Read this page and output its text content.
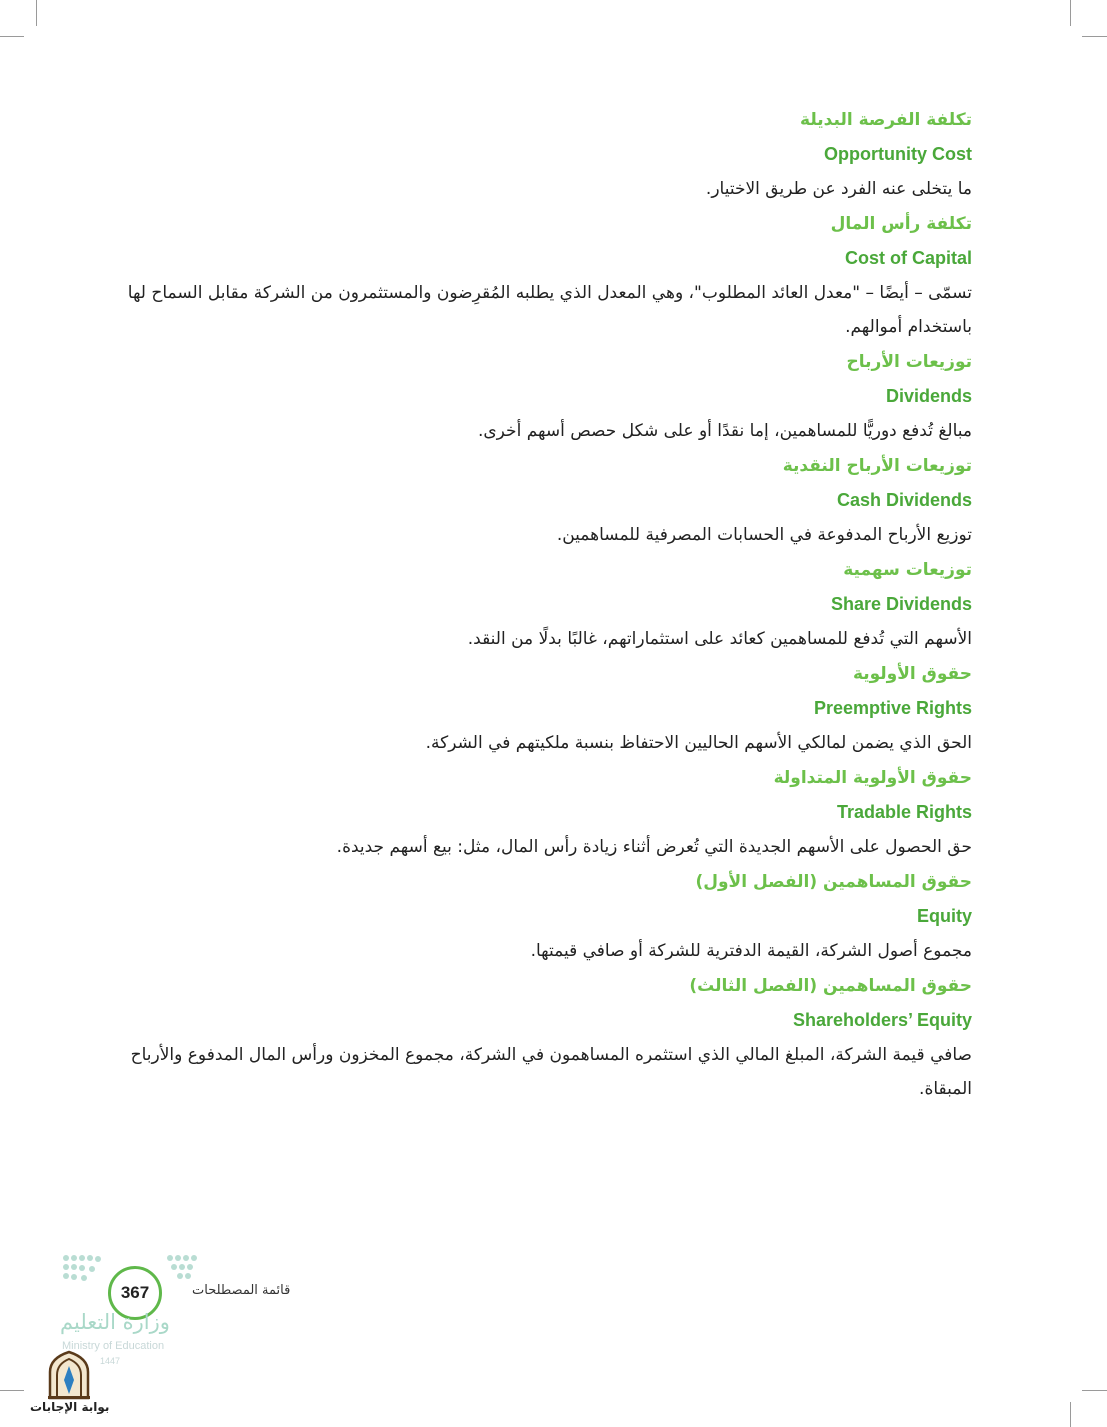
تكلفة الفرصة البديلة
Opportunity Cost
ما يتخلى عنه الفرد عن طريق الاختيار.
تكلفة رأس المال
Cost of Capital
تسمّى – أيضًا – "معدل العائد المطلوب"، وهي المعدل الذي يطلبه المُقرِضون والمستثمرون من الشركة مقابل السماح لها باستخدام أموالهم.
توزيعات الأرباح
Dividends
مبالغ تُدفع دوريًّا للمساهمين، إما نقدًا أو على شكل حصص أسهم أخرى.
توزيعات الأرباح النقدية
Cash Dividends
توزيع الأرباح المدفوعة في الحسابات المصرفية للمساهمين.
توزيعات سهمية
Share Dividends
الأسهم التي تُدفع للمساهمين كعائد على استثماراتهم، غالبًا بدلًا من النقد.
حقوق الأولوية
Preemptive Rights
الحق الذي يضمن لمالكي الأسهم الحاليين الاحتفاظ بنسبة ملكيتهم في الشركة.
حقوق الأولوية المتداولة
Tradable Rights
حق الحصول على الأسهم الجديدة التي تُعرض أثناء زيادة رأس المال، مثل: بيع أسهم جديدة.
حقوق المساهمين (الفصل الأول)
Equity
مجموع أصول الشركة، القيمة الدفترية للشركة أو صافي قيمتها.
حقوق المساهمين (الفصل الثالث)
Shareholders’ Equity
صافي قيمة الشركة، المبلغ المالي الذي استثمره المساهمون في الشركة، مجموع المخزون ورأس المال المدفوع والأرباح المبقاة.
367	قائمة المصطلحات
وزارة التعليم
Ministry of Education
1447
بوابة الإجابات
